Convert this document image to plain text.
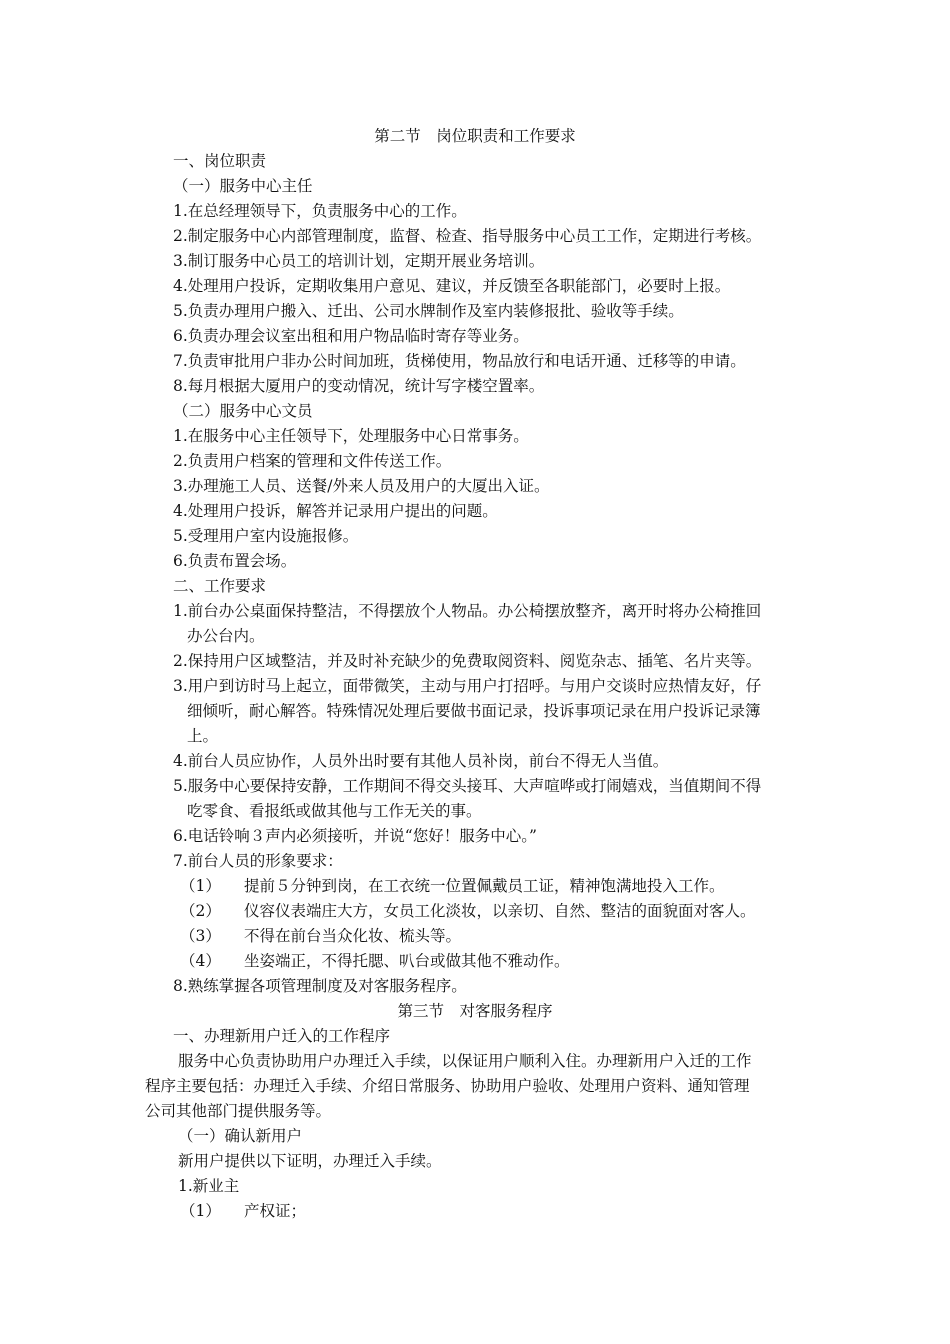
第二节　岗位职责和工作要求
一、岗位职责
（一）服务中心主任
1.在总经理领导下，负责服务中心的工作。
2.制定服务中心内部管理制度，监督、检查、指导服务中心员工工作，定期进行考核。
3.制订服务中心员工的培训计划，定期开展业务培训。
4.处理用户投诉，定期收集用户意见、建议，并反馈至各职能部门，必要时上报。
5.负责办理用户搬入、迁出、公司水牌制作及室内装修报批、验收等手续。
6.负责办理会议室出租和用户物品临时寄存等业务。
7.负责审批用户非办公时间加班，货梯使用，物品放行和电话开通、迁移等的申请。
8.每月根据大厦用户的变动情况，统计写字楼空置率。
（二）服务中心文员
1.在服务中心主任领导下，处理服务中心日常事务。
2.负责用户档案的管理和文件传送工作。
3.办理施工人员、送餐/外来人员及用户的大厦出入证。
4.处理用户投诉，解答并记录用户提出的问题。
5.受理用户室内设施报修。
6.负责布置会场。
二、工作要求
1.前台办公桌面保持整洁，不得摆放个人物品。办公椅摆放整齐，离开时将办公椅推回
办公台内。
2.保持用户区域整洁，并及时补充缺少的免费取阅资料、阅览杂志、插笔、名片夹等。
3.用户到访时马上起立，面带微笑，主动与用户打招呼。与用户交谈时应热情友好，仔
细倾听，耐心解答。特殊情况处理后要做书面记录，投诉事项记录在用户投诉记录簿
上。
4.前台人员应协作，人员外出时要有其他人员补岗，前台不得无人当值。
5.服务中心要保持安静，工作期间不得交头接耳、大声喧哗或打闹嬉戏，当值期间不得
吃零食、看报纸或做其他与工作无关的事。
6.电话铃响３声内必须接听，并说“您好！服务中心。”
7.前台人员的形象要求：
（1） 提前５分钟到岗，在工衣统一位置佩戴员工证，精神饱满地投入工作。
（2） 仪容仪表端庄大方，女员工化淡妆，以亲切、自然、整洁的面貌面对客人。
（3） 不得在前台当众化妆、梳头等。
（4） 坐姿端正，不得托腮、叭台或做其他不雅动作。
8.熟练掌握各项管理制度及对客服务程序。
第三节　对客服务程序
一、办理新用户迁入的工作程序
服务中心负责协助用户办理迁入手续，以保证用户顺利入住。办理新用户入迁的工作
程序主要包括：办理迁入手续、介绍日常服务、协助用户验收、处理用户资料、通知管理
公司其他部门提供服务等。
（一）确认新用户
新用户提供以下证明，办理迁入手续。
1.新业主
（1） 产权证；
